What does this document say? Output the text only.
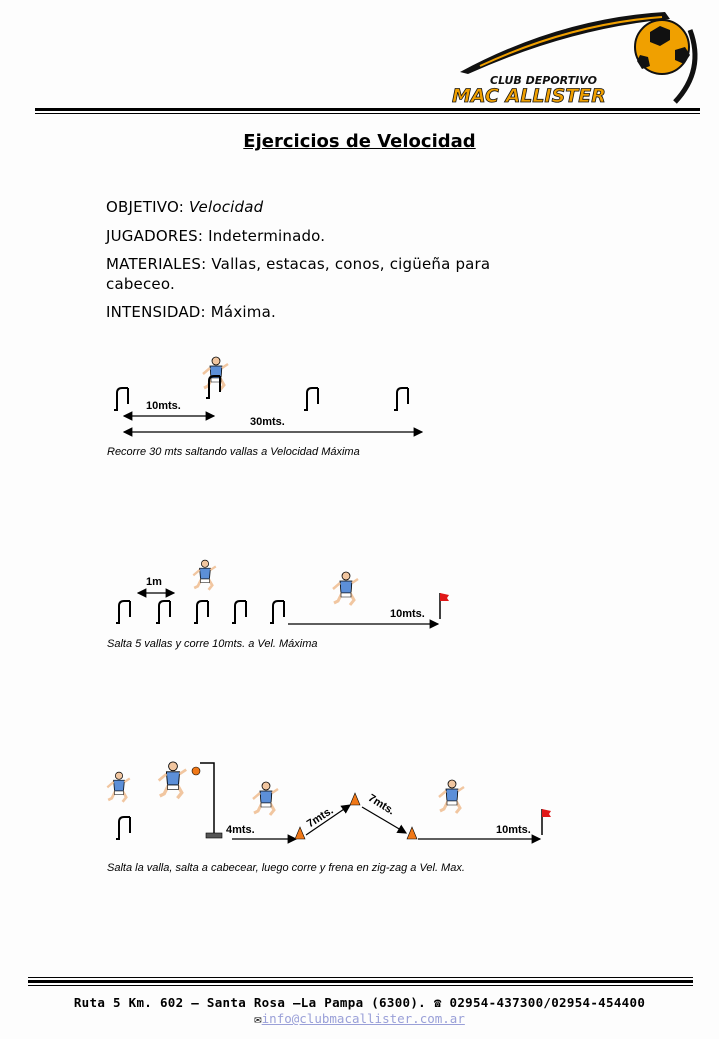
CLUB DEPORTIVO
MAC ALLISTER
Ejercicios de Velocidad
OBJETIVO: Velocidad
JUGADORES: Indeterminado.
MATERIALES: Vallas, estacas, conos, cigüeña para
cabeceo.
INTENSIDAD: Máxima.
10mts.
30mts.
Recorre 30 mts saltando vallas a Velocidad Máxima
1m
10mts.
Salta 5 vallas y corre 10mts. a Vel. Máxima
4mts.	7mts.	7mts.
10mts.
Salta la valla, salta a cabecear, luego corre y frena en zig-zag a Vel. Max.
Ruta 5 Km. 602 – Santa Rosa –La Pampa (6300). ☎ 02954-437300/02954-454400
✉info@clubmacallister.com.ar
